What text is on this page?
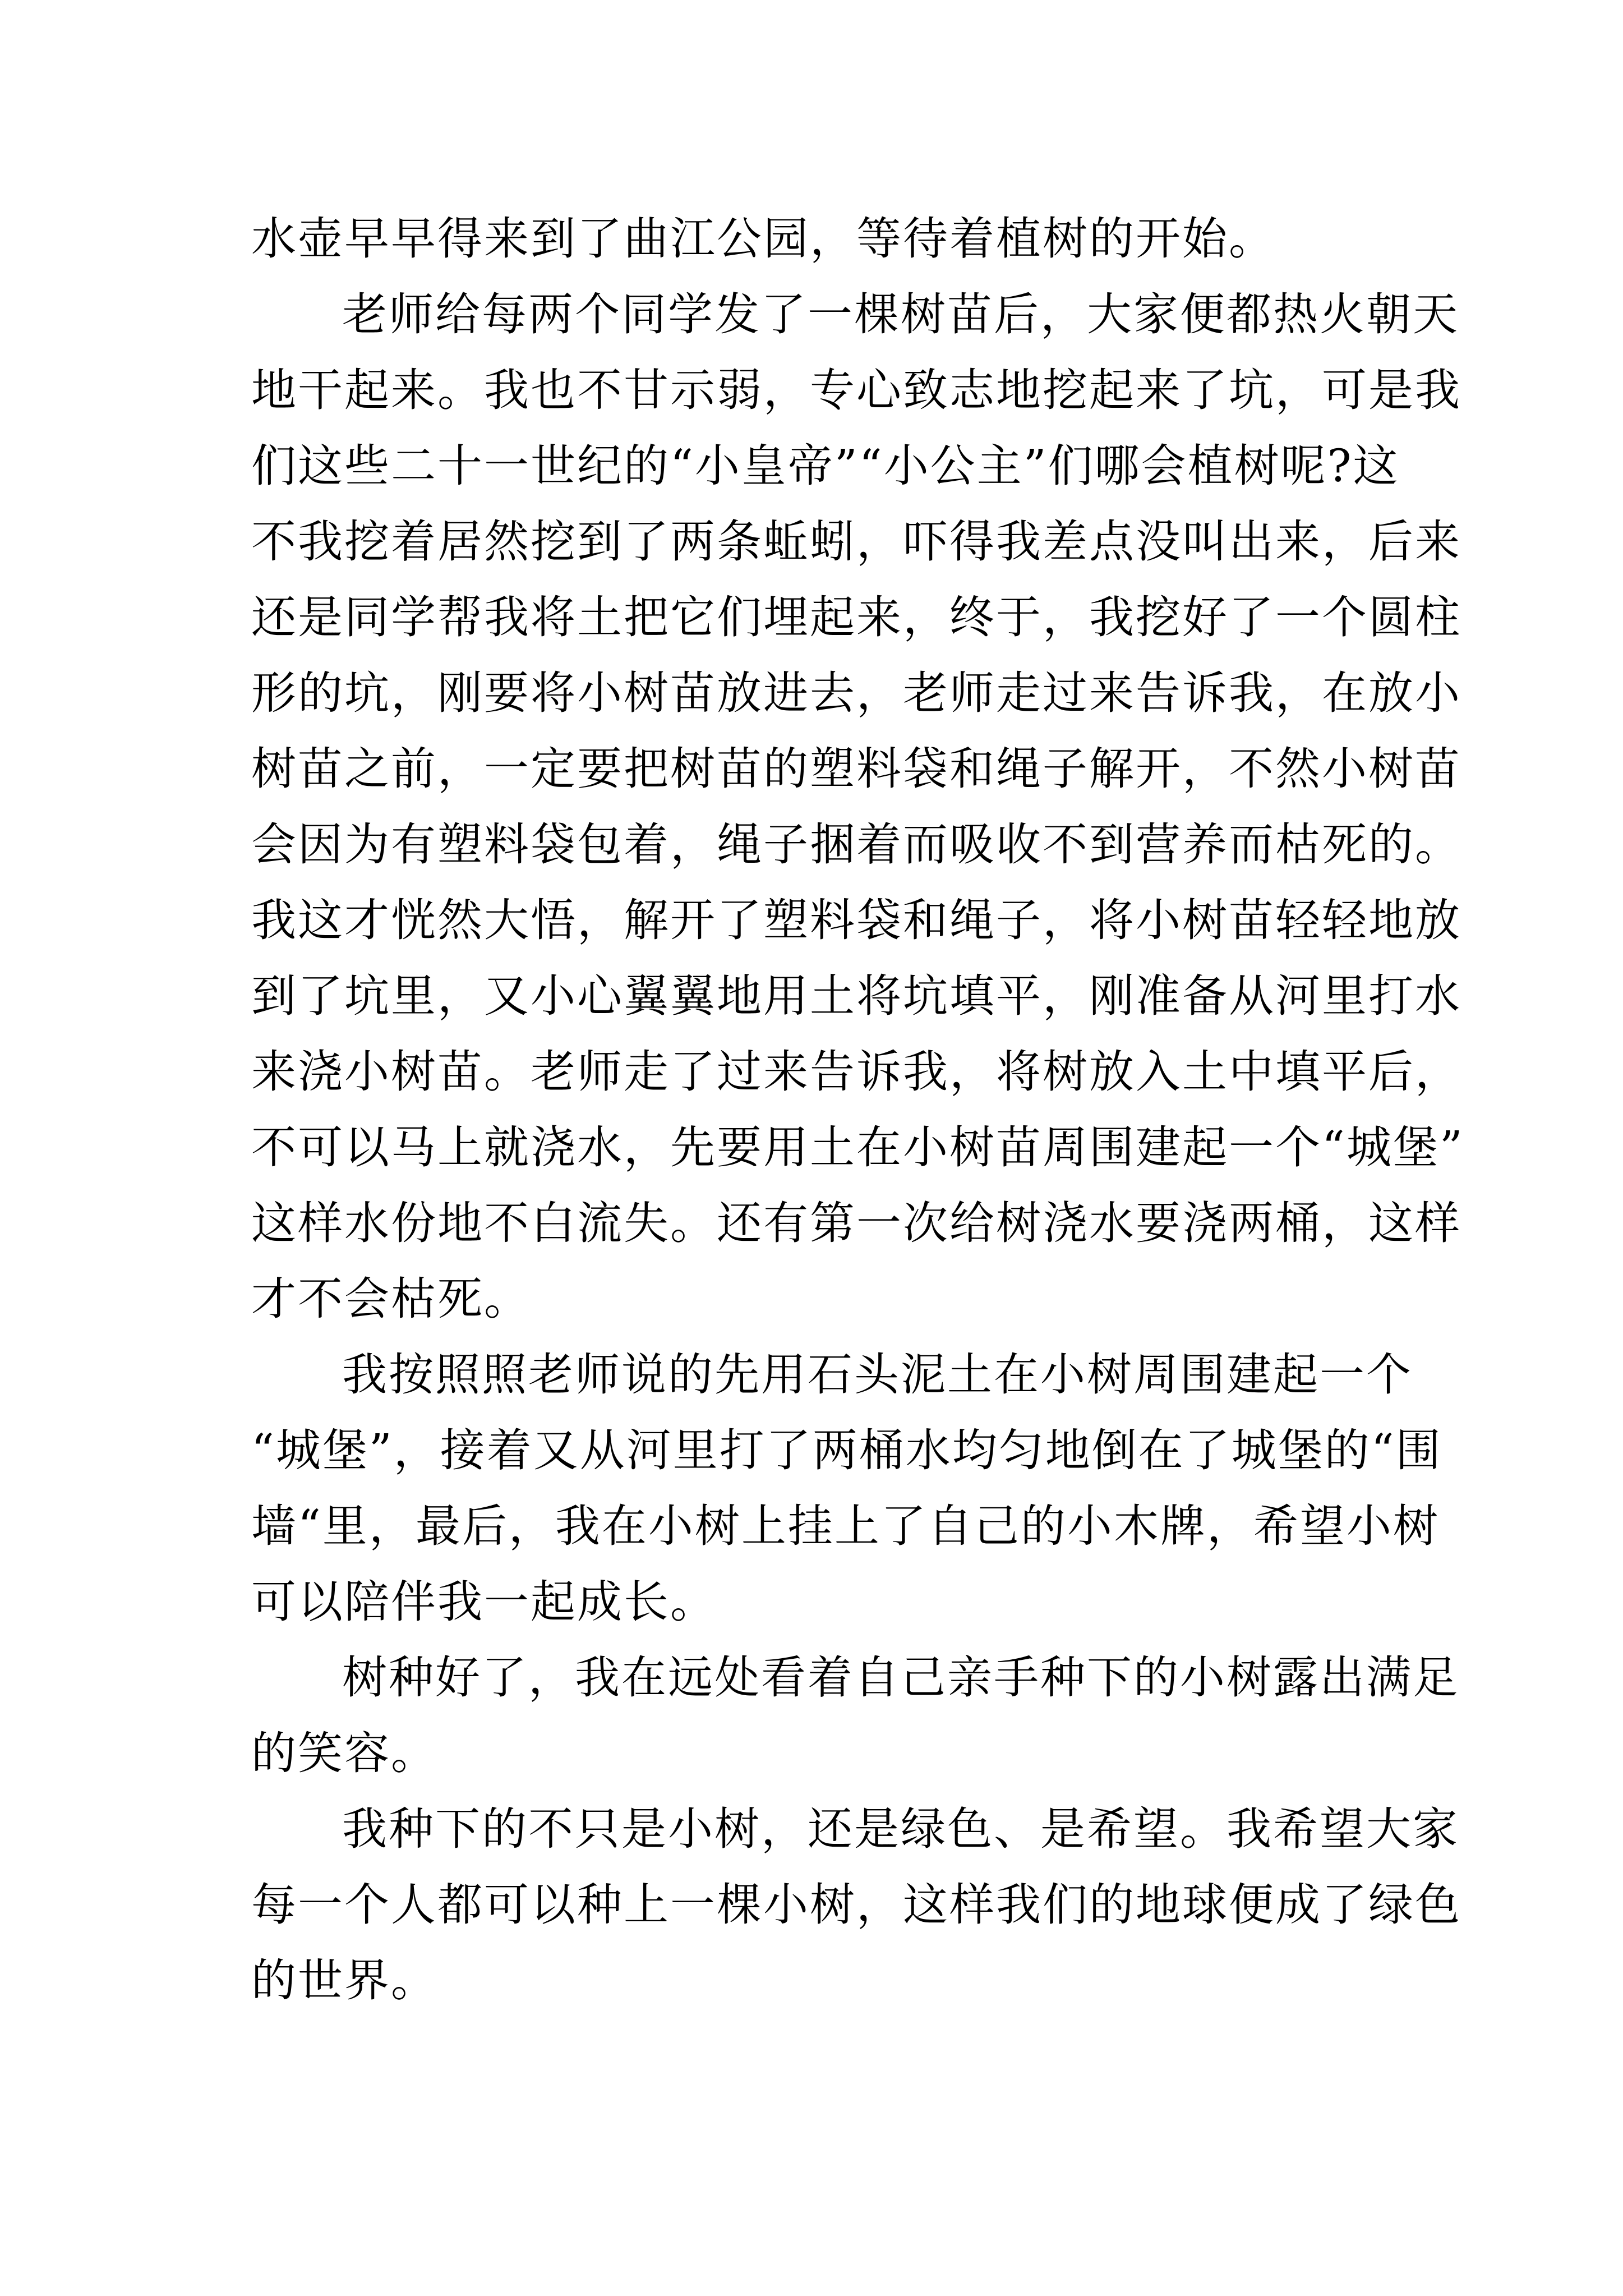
水壶早早得来到了曲江公园，等待着植树的开始。
老师给每两个同学发了一棵树苗后，大家便都热火朝天
地干起来。我也不甘示弱，专心致志地挖起来了坑，可是我
们这些二十一世纪的“小皇帝”“小公主”们哪会植树呢?这
不我挖着居然挖到了两条蚯蚓，吓得我差点没叫出来，后来
还是同学帮我将土把它们埋起来，终于，我挖好了一个圆柱
形的坑，刚要将小树苗放进去，老师走过来告诉我，在放小
树苗之前，一定要把树苗的塑料袋和绳子解开，不然小树苗
会因为有塑料袋包着，绳子捆着而吸收不到营养而枯死的。
我这才恍然大悟，解开了塑料袋和绳子，将小树苗轻轻地放
到了坑里，又小心翼翼地用土将坑填平，刚准备从河里打水
来浇小树苗。老师走了过来告诉我，将树放入土中填平后，
不可以马上就浇水，先要用土在小树苗周围建起一个“城堡”
这样水份地不白流失。还有第一次给树浇水要浇两桶，这样
才不会枯死。
我按照照老师说的先用石头泥土在小树周围建起一个
“城堡”，接着又从河里打了两桶水均匀地倒在了城堡的“围
墙“里，最后，我在小树上挂上了自己的小木牌，希望小树
可以陪伴我一起成长。
树种好了，我在远处看着自己亲手种下的小树露出满足
的笑容。
我种下的不只是小树，还是绿色、是希望。我希望大家
每一个人都可以种上一棵小树，这样我们的地球便成了绿色
的世界。
